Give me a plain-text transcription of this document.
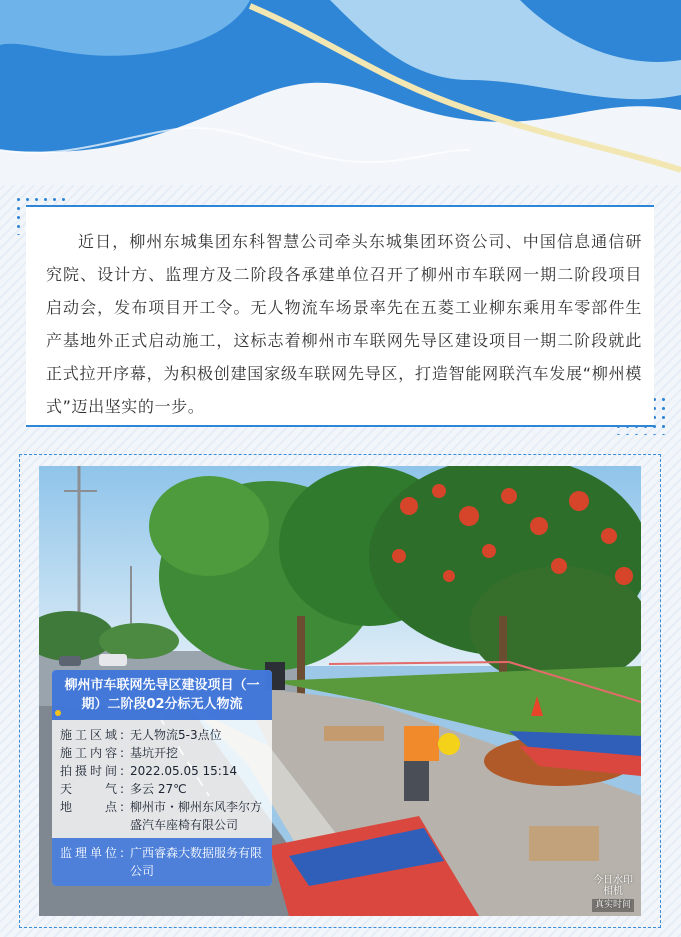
近日，柳州东城集团东科智慧公司牵头东城集团环资公司、中国信息通信研究院、设计方、监理方及二阶段各承建单位召开了柳州市车联网一期二阶段项目启动会，发布项目开工令。无人物流车场景率先在五菱工业柳东乘用车零部件生产基地外正式启动施工，这标志着柳州市车联网先导区建设项目一期二阶段就此正式拉开序幕，为积极创建国家级车联网先导区，打造智能网联汽车发展“柳州模式”迈出坚实的一步。

柳州市车联网先导区建设项目（一期）二阶段02分标无人物流
施工区域: 无人物流5-3点位
施工内容: 基坑开挖
拍摄时间: 2022.05.05 15:14
天　　气: 多云 27℃
地　　点: 柳州市・柳州东风李尔方盛汽车座椅有限公司
监理单位: 广西睿森大数据服务有限公司
今日水印
相机
真实时间
